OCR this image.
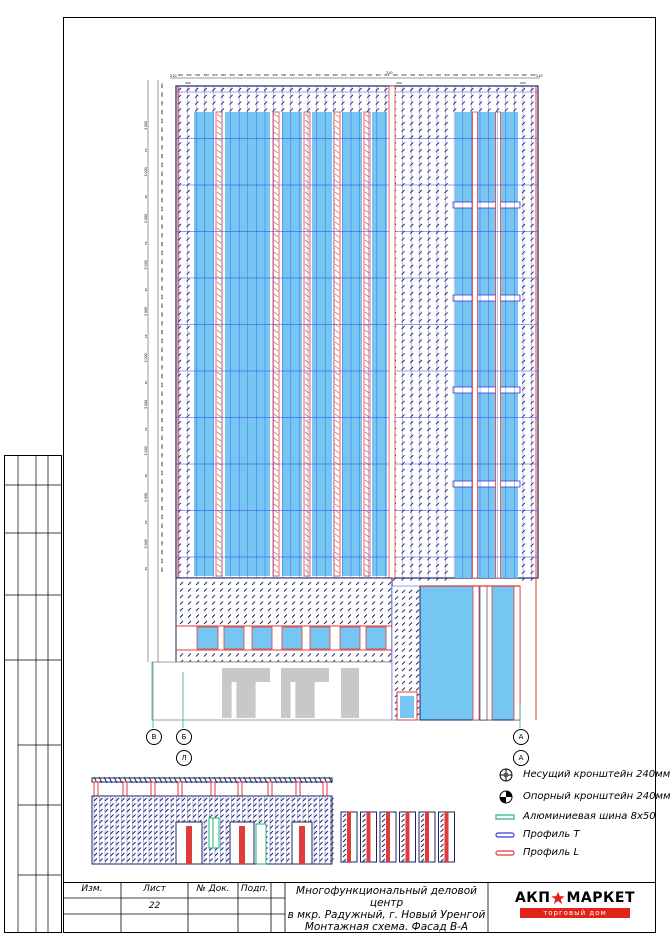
600 600 600 600 600 600 600 600 600 600 600 600 600 600 600 600 600 600 600 600 600 600 600 600 600 600 600 600 600 600 600 600 600 600 600 600 600 600 600 600 600 600
210
210
210
300	300	220
600
600
600
600
600
600
600
600
600
600
600
600
600
600
600
600
600
600
600
600
600
600
600
600
600
600
600
600
600
600
600
600
600
600
600
600
600
600
600
600
600
600
600
600
600
600
600
600
600
600
600
600
600
600
600
600
3 000
15
3 000
15
3 000
15
3 000
15
3 000
15
3 000
15
3 000
15
3 000
15
3 000
15
3 000
15
В	Б
Л
А
А
Несущий кронштейн 240мм
Опорный кронштейн 240мм
Алюминиевая шина 8х50
Профиль Т
Профиль L
Изм.	Лист	№ Док.	Подп.
22
Многофункциональный деловой центр
в мкр. Радужный, г. Новый Уренгой
Монтажная схема. Фасад В-А
АКП МАРКЕТ
торговый дом
